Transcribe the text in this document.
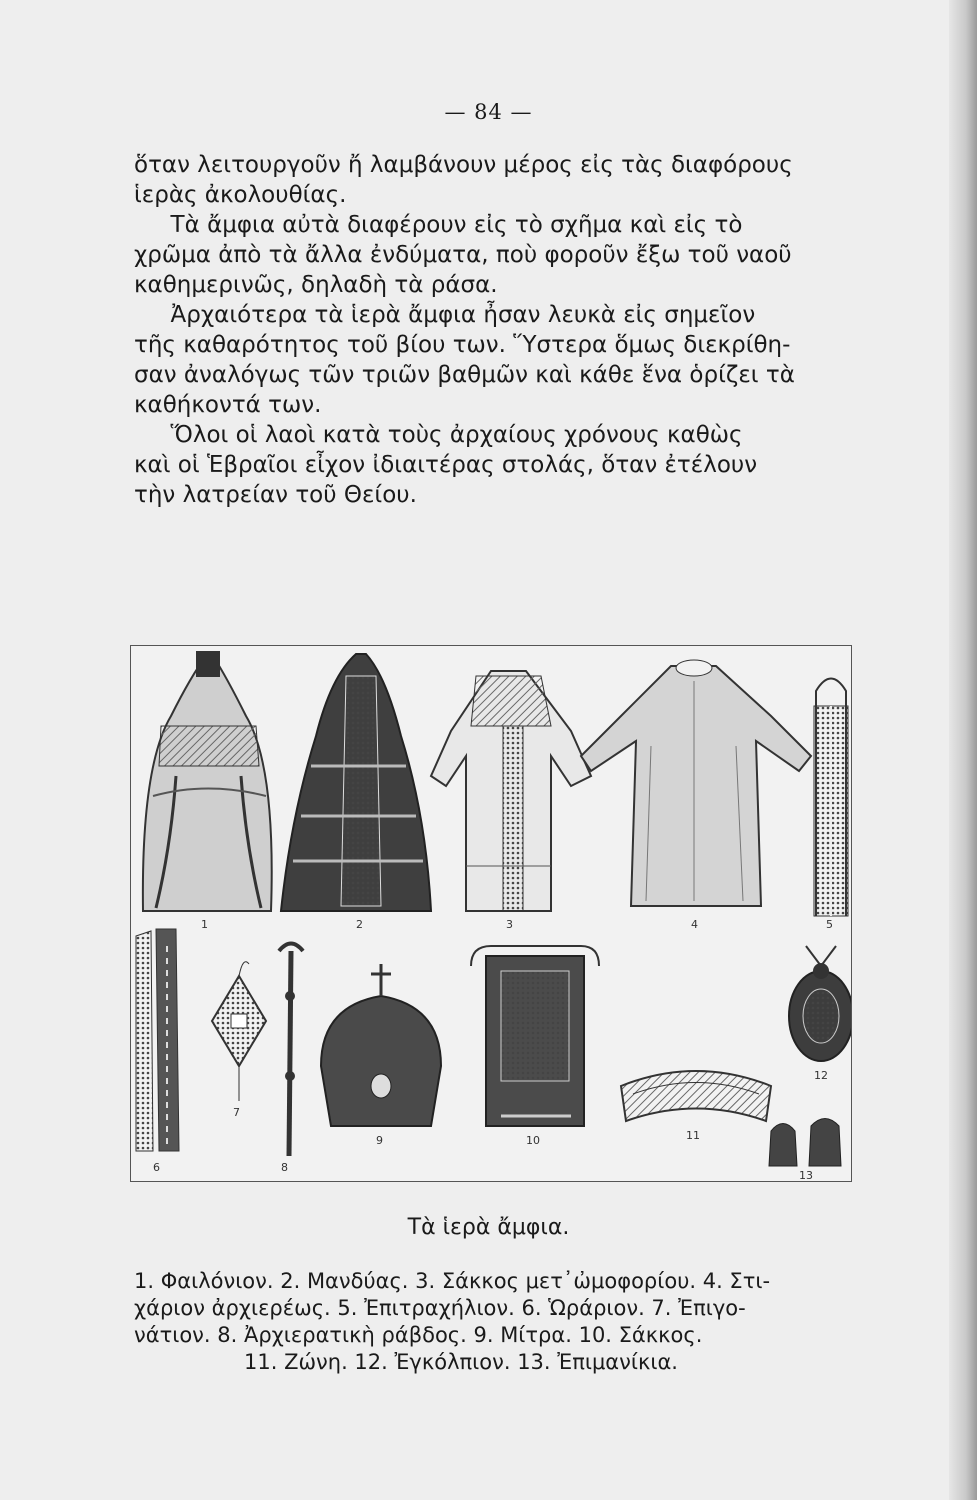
— 84 —
ὅταν λειτουργοῦν ἤ λαμβάνουν μέρος εἰς τὰς διαφόρους
ἱερὰς ἀκολουθίας.
Τὰ ἄμφια αὐτὰ διαφέρουν εἰς τὸ σχῆμα καὶ εἰς τὸ
χρῶμα ἀπὸ τὰ ἄλλα ἐνδύματα, ποὺ φοροῦν ἔξω τοῦ ναοῦ
καθημερινῶς, δηλαδὴ τὰ ράσα.
Ἀρχαιότερα τὰ ἱερὰ ἄμφια ἦσαν λευκὰ εἰς σημεῖον
τῆς καθαρότητος τοῦ βίου των. Ὕστερα ὅμως διεκρίθη-
σαν ἀναλόγως τῶν τριῶν βαθμῶν καὶ κάθε ἕνα ὁρίζει τὰ
καθήκοντά των.
Ὅλοι οἱ λαοὶ κατὰ τοὺς ἀρχαίους χρόνους καθὼς
καὶ οἱ Ἑβραῖοι εἶχον ἰδιαιτέρας στολάς, ὅταν ἐτέλουν
τὴν λατρείαν τοῦ Θείου.
1	2	3	4	5
6
7
8
9	10	11
12
13
Τὰ ἱερὰ ἄμφια.
1. Φαιλόνιον. 2. Μανδύας. 3. Σάκκος μετ᾽ὠμοφορίου. 4. Στι-
χάριον ἀρχιερέως. 5. Ἐπιτραχήλιον. 6. Ὡράριον. 7. Ἐπιγο-
νάτιον. 8. Ἀρχιερατικὴ ράβδος. 9. Μίτρα. 10. Σάκκος.
11. Ζώνη. 12. Ἐγκόλπιον. 13. Ἐπιμανίκια.
